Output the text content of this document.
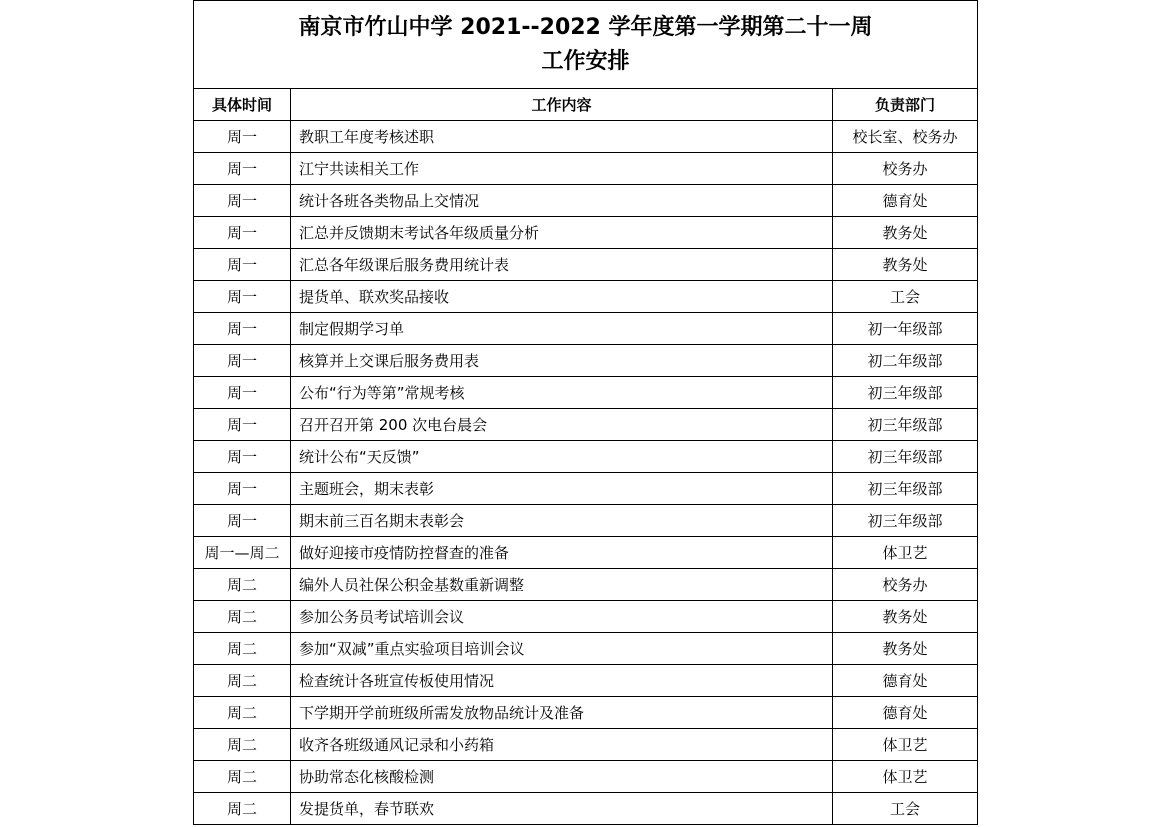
南京市竹山中学 2021--2022 学年度第一学期第二十一周
工作安排		

具体时间	工作内容	负责部门
周一	教职工年度考核述职	校长室、校务办
周一	江宁共读相关工作	校务办
周一	统计各班各类物品上交情况	德育处
周一	汇总并反馈期末考试各年级质量分析	教务处
周一	汇总各年级课后服务费用统计表	教务处
周一	提货单、联欢奖品接收	工会
周一	制定假期学习单	初一年级部
周一	核算并上交课后服务费用表	初二年级部
周一	公布“行为等第”常规考核	初三年级部
周一	召开召开第 200 次电台晨会	初三年级部
周一	统计公布“天反馈”	初三年级部
周一	主题班会，期末表彰	初三年级部
周一	期末前三百名期末表彰会	初三年级部
周一—周二	做好迎接市疫情防控督查的准备	体卫艺
周二	编外人员社保公积金基数重新调整	校务办
周二	参加公务员考试培训会议	教务处
周二	参加“双减”重点实验项目培训会议	教务处
周二	检查统计各班宣传板使用情况	德育处
周二	下学期开学前班级所需发放物品统计及准备	德育处
周二	收齐各班级通风记录和小药箱	体卫艺
周二	协助常态化核酸检测	体卫艺
周二	发提货单，春节联欢	工会
